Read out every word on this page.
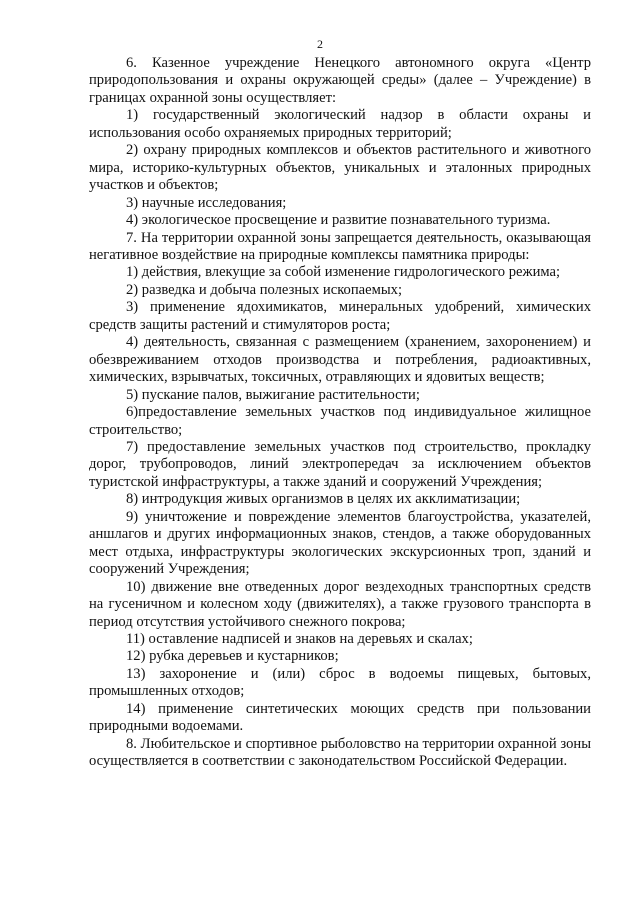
2

6. Казенное учреждение Ненецкого автономного округа «Центр природопользования и охраны окружающей среды» (далее – Учреждение) в границах охранной зоны осуществляет:

1) государственный экологический надзор в области охраны и использования особо охраняемых природных территорий;

2) охрану природных комплексов и объектов растительного и животного мира, историко-культурных объектов, уникальных и эталонных природных участков и объектов;

3) научные исследования;

4) экологическое просвещение и развитие познавательного туризма.

7. На территории охранной зоны запрещается деятельность, оказывающая негативное воздействие на природные комплексы памятника природы:

1) действия, влекущие за собой изменение гидрологического режима;

2) разведка и добыча полезных ископаемых;

3) применение ядохимикатов, минеральных удобрений, химических средств защиты растений и стимуляторов роста;

4) деятельность, связанная с размещением (хранением, захоронением) и обезвреживанием отходов производства и потребления, радиоактивных, химических, взрывчатых, токсичных, отравляющих и ядовитых веществ;

5) пускание палов, выжигание растительности;

6)предоставление земельных участков под индивидуальное жилищное строительство;

7) предоставление земельных участков под строительство, прокладку дорог, трубопроводов, линий электропередач за исключением объектов туристской инфраструктуры, а также зданий и сооружений Учреждения;

8) интродукция живых организмов в целях их акклиматизации;

9) уничтожение и повреждение элементов благоустройства, указателей, аншлагов и других информационных знаков, стендов, а также оборудованных мест отдыха, инфраструктуры экологических экскурсионных троп, зданий и сооружений Учреждения;

10) движение вне отведенных дорог вездеходных транспортных средств на гусеничном и колесном ходу (движителях), а также грузового транспорта в период отсутствия устойчивого снежного покрова;

11) оставление надписей и знаков на деревьях и скалах;

12) рубка деревьев и кустарников;

13) захоронение и (или) сброс в водоемы пищевых, бытовых, промышленных отходов;

14) применение синтетических моющих средств при пользовании природными водоемами.

8. Любительское и спортивное рыболовство на территории охранной зоны осуществляется в соответствии с законодательством Российской Федерации.
